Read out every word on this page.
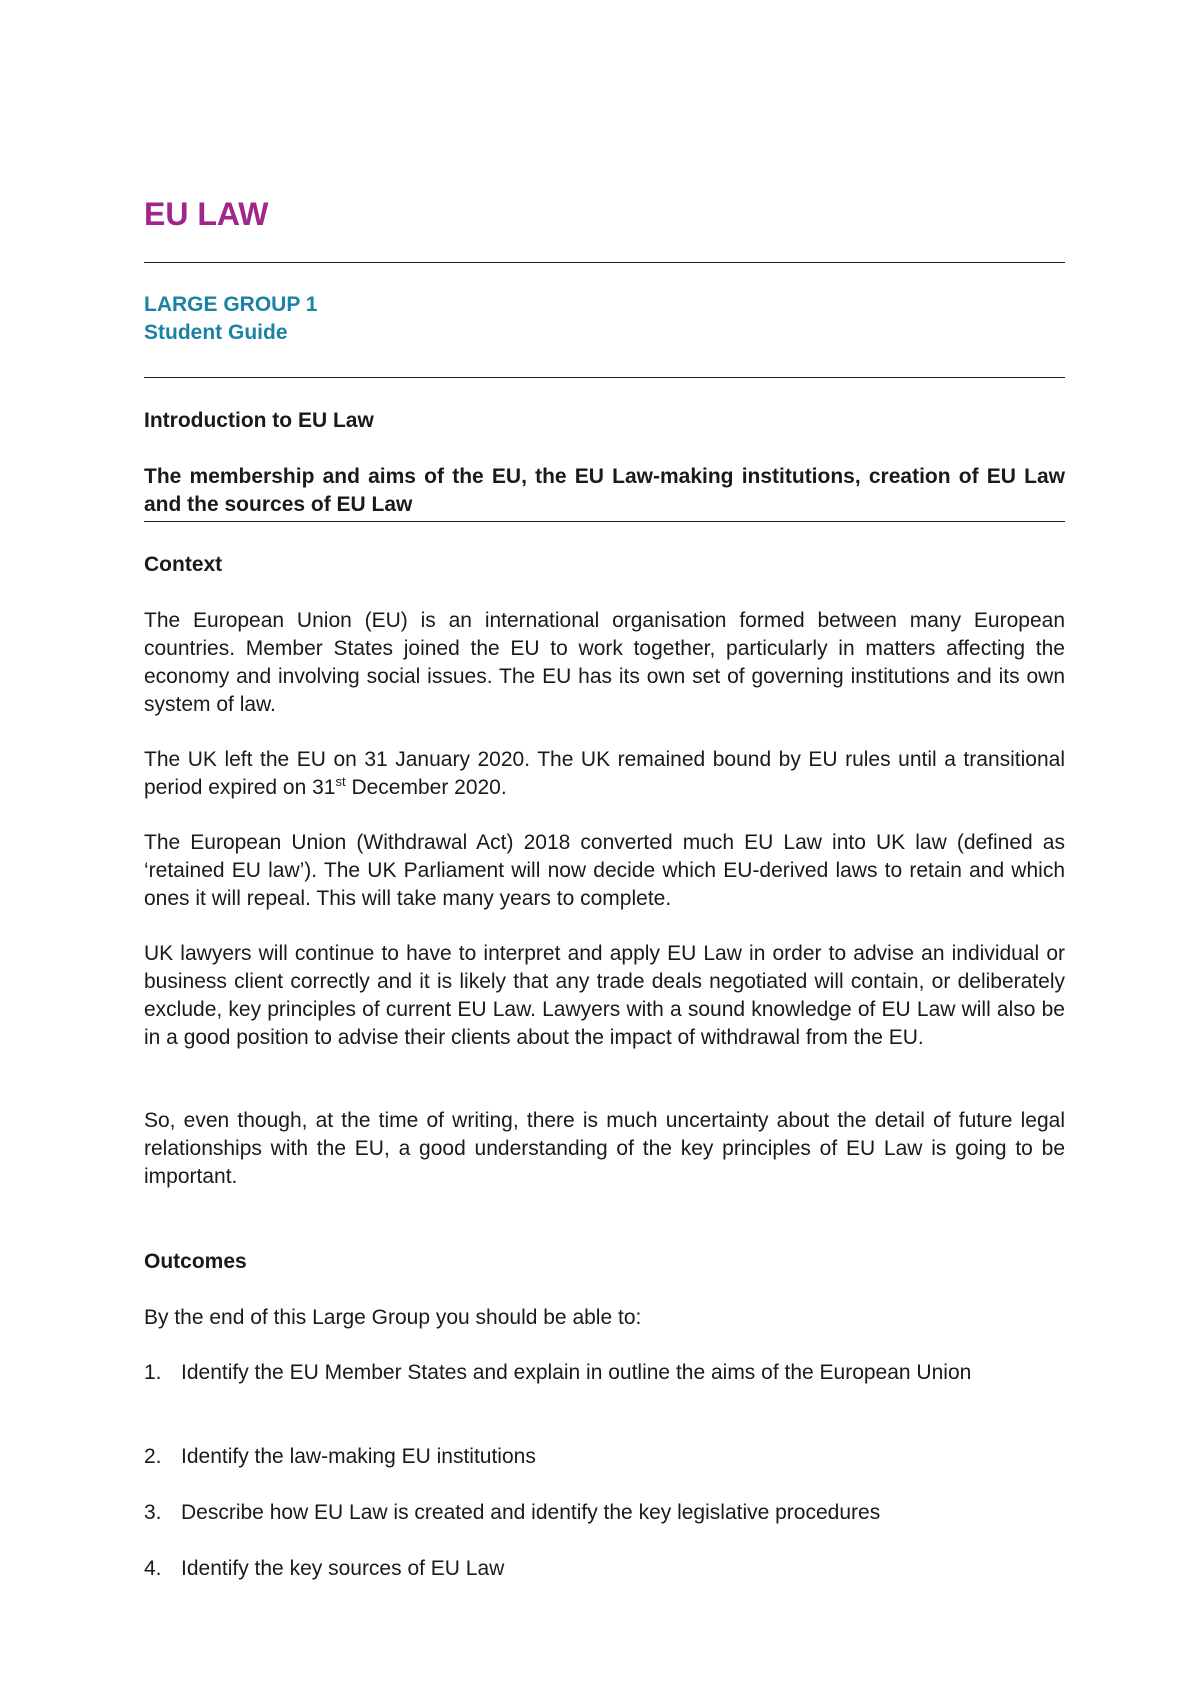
EU LAW
LARGE GROUP 1
Student Guide

Introduction to EU Law

The membership and aims of the EU, the EU Law-making institutions, creation of EU Law and the sources of EU Law

Context

The European Union (EU) is an international organisation formed between many European countries. Member States joined the EU to work together, particularly in matters affecting the economy and involving social issues. The EU has its own set of governing institutions and its own system of law.

The UK left the EU on 31 January 2020. The UK remained bound by EU rules until a transitional period expired on 31st December 2020.

The European Union (Withdrawal Act) 2018 converted much EU Law into UK law (defined as ‘retained EU law’). The UK Parliament will now decide which EU-derived laws to retain and which ones it will repeal. This will take many years to complete.

UK lawyers will continue to have to interpret and apply EU Law in order to advise an individual or business client correctly and it is likely that any trade deals negotiated will contain, or deliberately exclude, key principles of current EU Law. Lawyers with a sound knowledge of EU Law will also be in a good position to advise their clients about the impact of withdrawal from the EU.

So, even though, at the time of writing, there is much uncertainty about the detail of future legal relationships with the EU, a good understanding of the key principles of EU Law is going to be important.

Outcomes

By the end of this Large Group you should be able to:

1. Identify the EU Member States and explain in outline the aims of the European Union
2. Identify the law-making EU institutions
3. Describe how EU Law is created and identify the key legislative procedures
4. Identify the key sources of EU Law
